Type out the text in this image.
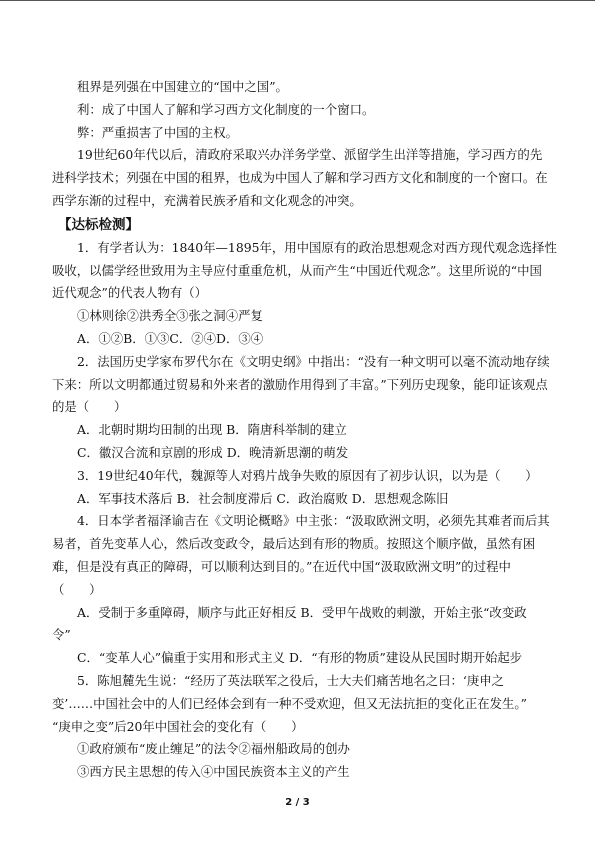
租界是列强在中国建立的“国中之国”。

利：成了中国人了解和学习西方文化制度的一个窗口。

弊：严重损害了中国的主权。

19世纪60年代以后，清政府采取兴办洋务学堂、派留学生出洋等措施，学习西方的先

进科学技术；列强在中国的租界，也成为中国人了解和学习西方文化和制度的一个窗口。在

西学东渐的过程中，充满着民族矛盾和文化观念的冲突。

【达标检测】

1．有学者认为：1840年—1895年，用中国原有的政治思想观念对西方现代观念选择性

吸收，以儒学经世致用为主导应付重重危机，从而产生“中国近代观念”。这里所说的“中国

近代观念”的代表人物有（）

①林则徐②洪秀全③张之洞④严复

A．①②B．①③C．②④D．③④

2．法国历史学家布罗代尔在《文明史纲》中指出：“没有一种文明可以毫不流动地存续

下来：所以文明都通过贸易和外来者的激励作用得到了丰富。”下列历史现象，能印证该观点

的是（　　）

A．北朝时期均田制的出现 B．隋唐科举制的建立

C．徽汉合流和京剧的形成 D．晚清新思潮的萌发

3．19世纪40年代，魏源等人对鸦片战争失败的原因有了初步认识，以为是（　　）

A．军事技术落后 B．社会制度滞后 C．政治腐败 D．思想观念陈旧

4．日本学者福泽谕吉在《文明论概略》中主张：“汲取欧洲文明，必须先其难者而后其

易者，首先变革人心，然后改变政令，最后达到有形的物质。按照这个顺序做，虽然有困

难，但是没有真正的障碍，可以顺利达到目的。”在近代中国“汲取欧洲文明”的过程中

（　　）

A．受制于多重障碍，顺序与此正好相反 B．受甲午战败的刺激，开始主张“改变政

令”

C．“变革人心”偏重于实用和形式主义 D．“有形的物质”建设从民国时期开始起步

5．陈旭麓先生说：“经历了英法联军之役后，士大夫们痛苦地名之曰：‘庚申之

变’……中国社会中的人们已经体会到有一种不受欢迎，但又无法抗拒的变化正在发生。”

“庚申之变”后20年中国社会的变化有（　　）

①政府颁布“废止缠足”的法令②福州船政局的创办

③西方民主思想的传入④中国民族资本主义的产生

2 / 3
